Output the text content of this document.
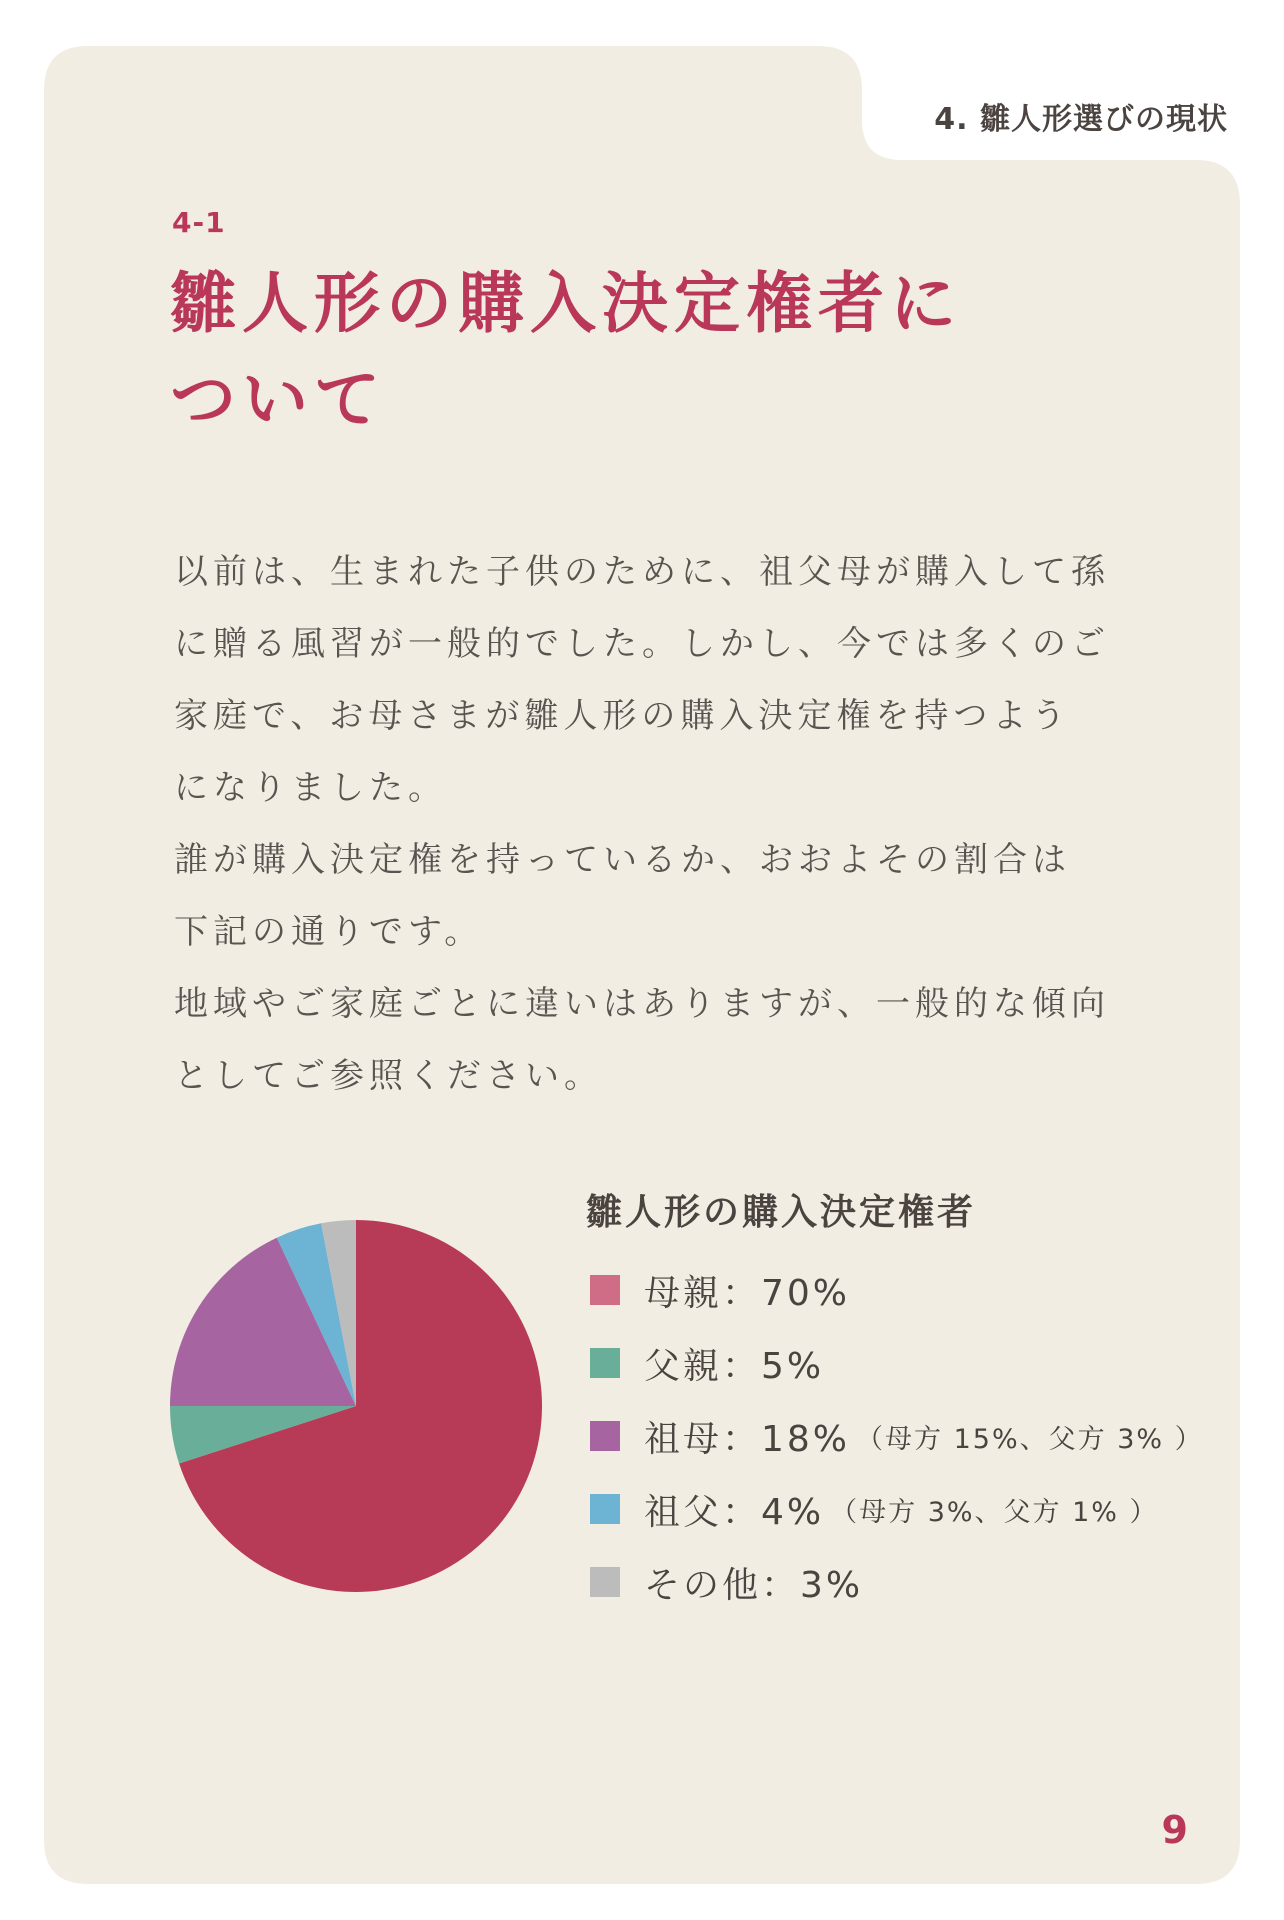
4. 雛人形選びの現状
4-1
雛人形の購入決定権者に
ついて
以前は、生まれた子供のために、祖父母が購入して孫
に贈る風習が一般的でした。しかし、今では多くのご
家庭で、お母さまが雛人形の購入決定権を持つよう
になりました。
誰が購入決定権を持っているか、おおよその割合は
下記の通りです。
地域やご家庭ごとに違いはありますが、一般的な傾向
としてご参照ください。
雛人形の購入決定権者
母親：70%
父親：5%
祖母：18% （母方 15%、父方 3% ）
祖父：4% （母方 3%、父方 1% ）
その他：3%
9
